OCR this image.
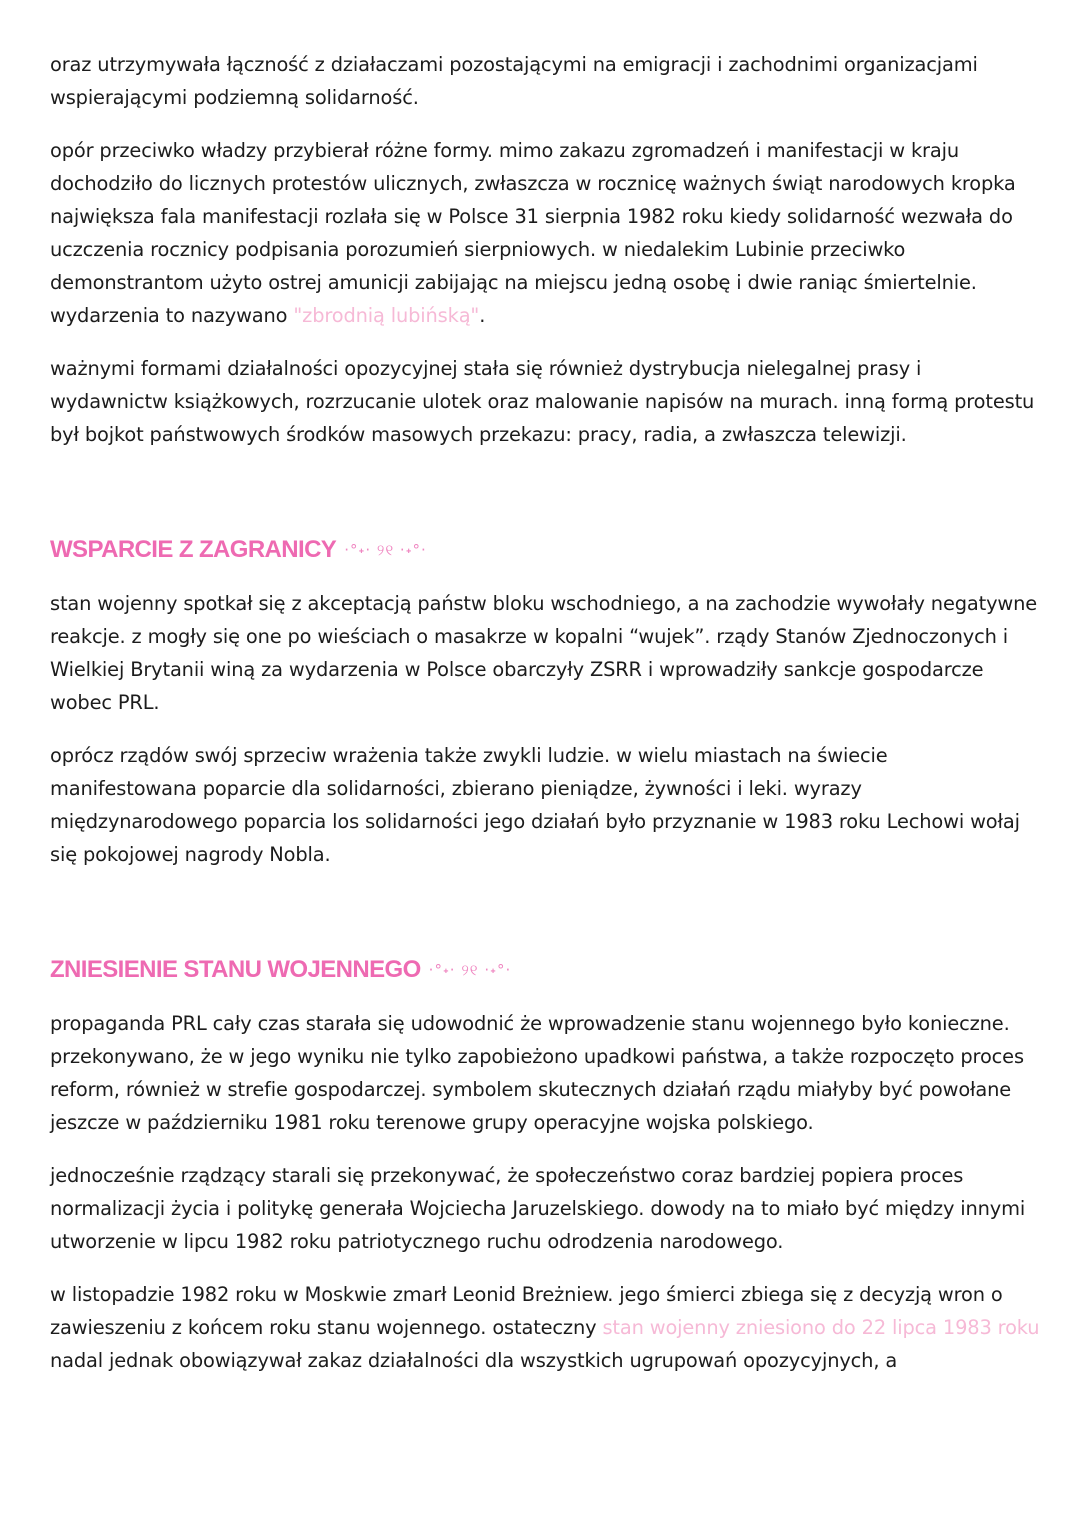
oraz utrzymywała łączność z działaczami pozostającymi na emigracji i zachodnimi organizacjami wspierającymi podziemną solidarność.

opór przeciwko władzy przybierał różne formy. mimo zakazu zgromadzeń i manifestacji w kraju dochodziło do licznych protestów ulicznych, zwłaszcza w rocznicę ważnych świąt narodowych kropka największa fala manifestacji rozlała się w Polsce 31 sierpnia 1982 roku kiedy solidarność wezwała do uczczenia rocznicy podpisania porozumień sierpniowych. w niedalekim Lubinie przeciwko demonstrantom użyto ostrej amunicji zabijając na miejscu jedną osobę i dwie raniąc śmiertelnie. wydarzenia to nazywano "zbrodnią lubińską".

ważnymi formami działalności opozycyjnej stała się również dystrybucja nielegalnej prasy i wydawnictw książkowych, rozrzucanie ulotek oraz malowanie napisów na murach. inną formą protestu był bojkot państwowych środków masowych przekazu: pracy, radia, a zwłaszcza telewizji.

WSPARCIE Z ZAGRANICY ·°˖· ୨୧ ·˖°·

stan wojenny spotkał się z akceptacją państw bloku wschodniego, a na zachodzie wywołały negatywne reakcje. z mogły się one po wieściach o masakrze w kopalni “wujek”. rządy Stanów Zjednoczonych i Wielkiej Brytanii winą za wydarzenia w Polsce obarczyły ZSRR i wprowadziły sankcje gospodarcze wobec PRL.

oprócz rządów swój sprzeciw wrażenia także zwykli ludzie. w wielu miastach na świecie manifestowana poparcie dla solidarności, zbierano pieniądze, żywności i leki. wyrazy międzynarodowego poparcia los solidarności jego działań było przyznanie w 1983 roku Lechowi wołaj się pokojowej nagrody Nobla.

ZNIESIENIE STANU WOJENNEGO ·°˖· ୨୧ ·˖°·

propaganda PRL cały czas starała się udowodnić że wprowadzenie stanu wojennego było konieczne. przekonywano, że w jego wyniku nie tylko zapobieżono upadkowi państwa, a także rozpoczęto proces reform, również w strefie gospodarczej. symbolem skutecznych działań rządu miałyby być powołane jeszcze w październiku 1981 roku terenowe grupy operacyjne wojska polskiego.

jednocześnie rządzący starali się przekonywać, że społeczeństwo coraz bardziej popiera proces normalizacji życia i politykę generała Wojciecha Jaruzelskiego. dowody na to miało być między innymi utworzenie w lipcu 1982 roku patriotycznego ruchu odrodzenia narodowego.

w listopadzie 1982 roku w Moskwie zmarł Leonid Breżniew. jego śmierci zbiega się z decyzją wron o zawieszeniu z końcem roku stanu wojennego. ostateczny stan wojenny zniesiono do 22 lipca 1983 roku nadal jednak obowiązywał zakaz działalności dla wszystkich ugrupowań opozycyjnych, a
